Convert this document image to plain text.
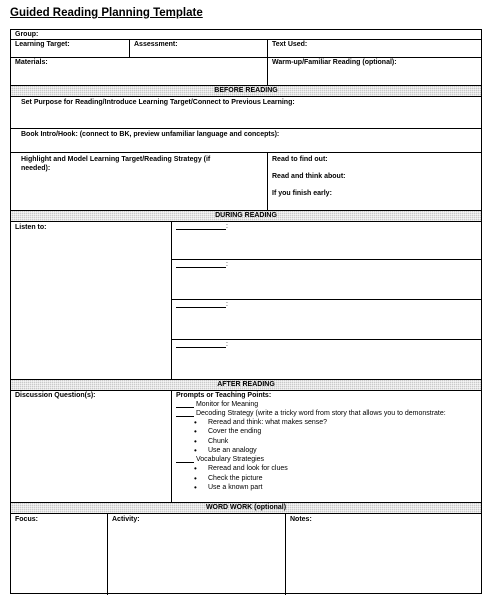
Guided Reading Planning Template
Group:
Learning Target:	Assessment:	Text Used:
Materials:	Warm-up/Familiar Reading (optional):
BEFORE READING
Set Purpose for Reading/Introduce Learning Target/Connect to Previous Learning:
Book Intro/Hook: (connect to BK, preview unfamiliar language and concepts):
Highlight and Model Learning Target/Reading Strategy (if
needed):
Read to find out:
Read and think about:
If you finish early:
DURING READING
Listen to:	:
:
:
:
AFTER READING
Discussion Question(s):	Prompts or Teaching Points:
Monitor for Meaning
Decoding Strategy (write a tricky word from story that allows you to demonstrate:
• Reread and think: what makes sense?
• Cover the ending
• Chunk
• Use an analogy
Vocabulary Strategies
• Reread and look for clues
• Check the picture
• Use a known part
WORD WORK (optional)
Focus:	Activity:	Notes:
